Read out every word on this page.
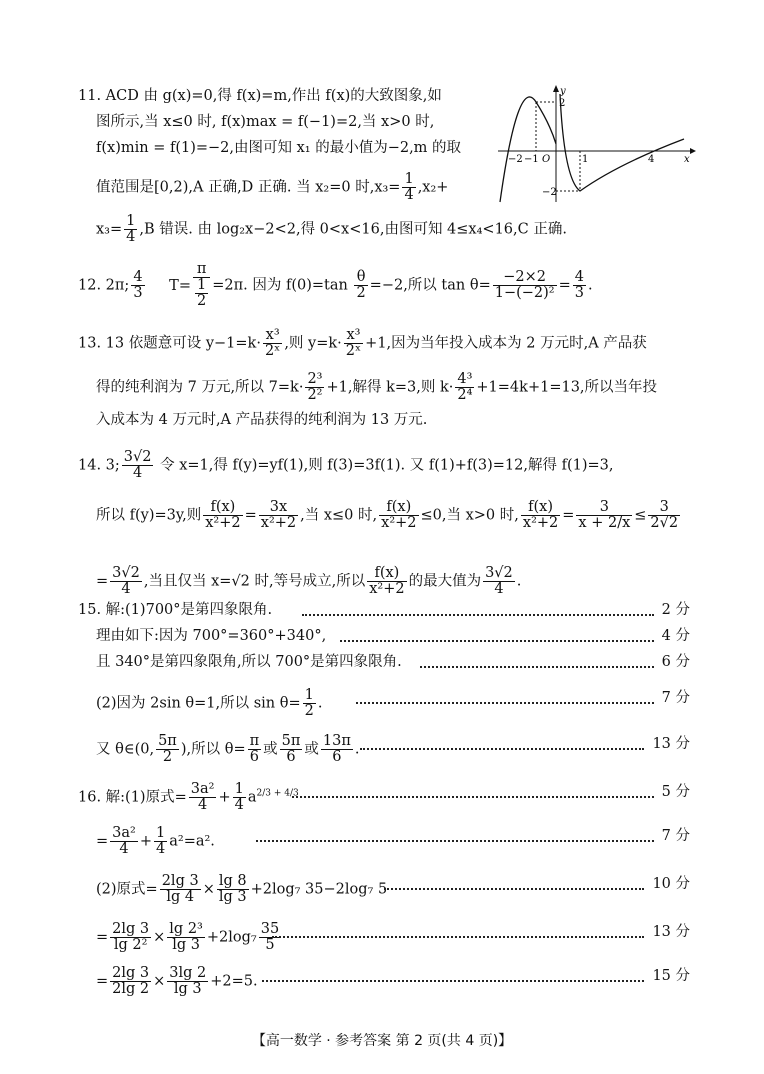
11. ACD 由 g(x)=0,得 f(x)=m,作出 f(x)的大致图象,如
图所示,当 x≤0 时, f(x)max = f(−1)=2,当 x>0 时,
f(x)min = f(1)=−2,由图可知 x₁ 的最小值为−2,m 的取
值范围是[0,2),A 正确,D 正确. 当 x₂=0 时$,x_3= \frac{1}{4} ,x_2+$
$x_3= \frac{1}{4} ,B$ 错误. 由 log₂x−2<2,得 0<x<16,由图可知 4≤x₄<16,C 正确.
y
x
O
2
−2
−2 −1	1	4
12. 2π; $\frac{4}{3} T= \frac{\pi}{\frac{1}{2}} =2\pi$. 因为 $f(0)=\tan \frac{\theta}{2} =-2$,所以 $\tan \theta= \frac{-2\times 2}{\text{1−(−2)²}} = \frac{4}{3}$ .
13. 13 依题意可设 $y-1=k\cdot \frac{\text{x³}}{\text{2ˣ}}$ ,则 $y=k\cdot \frac{\text{x³}}{\text{2ˣ}} +1$,因为当年投入成本为 2 万元时,A 产品获
得的纯利润为 7 万元,所以 $7=k\cdot \frac{\text{2³}}{\text{2²}} +1$,解得 k=3,则 $k\cdot \frac{\text{4³}}{\text{2⁴}} +1=4k+1=13$,所以当年投
入成本为 4 万元时,A 产品获得的纯利润为 13 万元.
14. 3; $\frac{3√2}{4}$ 令 x=1,得 f(y)=yf(1),则 f(3)=3f(1). 又 f(1)+f(3)=12,解得 f(1)=3,
所以 f(y)=3y,则 $\frac{f(x)}{\text{x²+2}} = \frac{3x}{\text{x²+2}}$ ,当 x≤0 时, $\frac{f(x)}{\text{x²+2}} \le 0$,当 x>0 时, $\frac{f(x)}{\text{x²+2}} = \frac{3}{x + 2/x} \le \frac{3}{2√2}$
= $\frac{3√2}{4}$ ,当且仅当 x=√2 时,等号成立,所以 $\frac{f(x)}{\text{x²+2}}$ 的最大值为 $\frac{3√2}{4}$ .
15. 解:(1)700°是第四象限角.	2 分
理由如下:因为 700°=360°+340°,	4 分
且 340°是第四象限角,所以 700°是第四象限角.	6 分
(2)因为 2sin θ=1,所以 $\sin \theta= \frac{1}{2}$ .	7 分
又 θ∈(0, $\frac{5\pi}{2}$ ),所以 $\theta= \frac{\pi}{6}$ 或 $\frac{5\pi}{6}$ 或 $\frac{13\pi}{6}$ .	13 分
16. 解:(1)原式= $\frac{\text{3a²}}{4} + \frac{1}{4} a^{2/3 + 4/3}$	5 分
= $\frac{\text{3a²}}{4} + \frac{1}{4} a^2=a^2$.	7 分
(2)原式= $\frac{2\lg 3}{\lg 4} \times \frac{\lg 8}{\lg 3} +2\log_7$ 35−2log₇ 5	10 分
= $\frac{2\lg 3}{\text{lg 2²}} \times \frac{\text{lg 2³}}{\lg 3} +2\log_7 \frac{35}{5}$	13 分
= $\frac{2\lg 3}{2\lg 2} \times \frac{3\lg 2}{\lg 3} +2=5$.	15 分
【高一数学 · 参考答案 第 2 页(共 4 页)】
